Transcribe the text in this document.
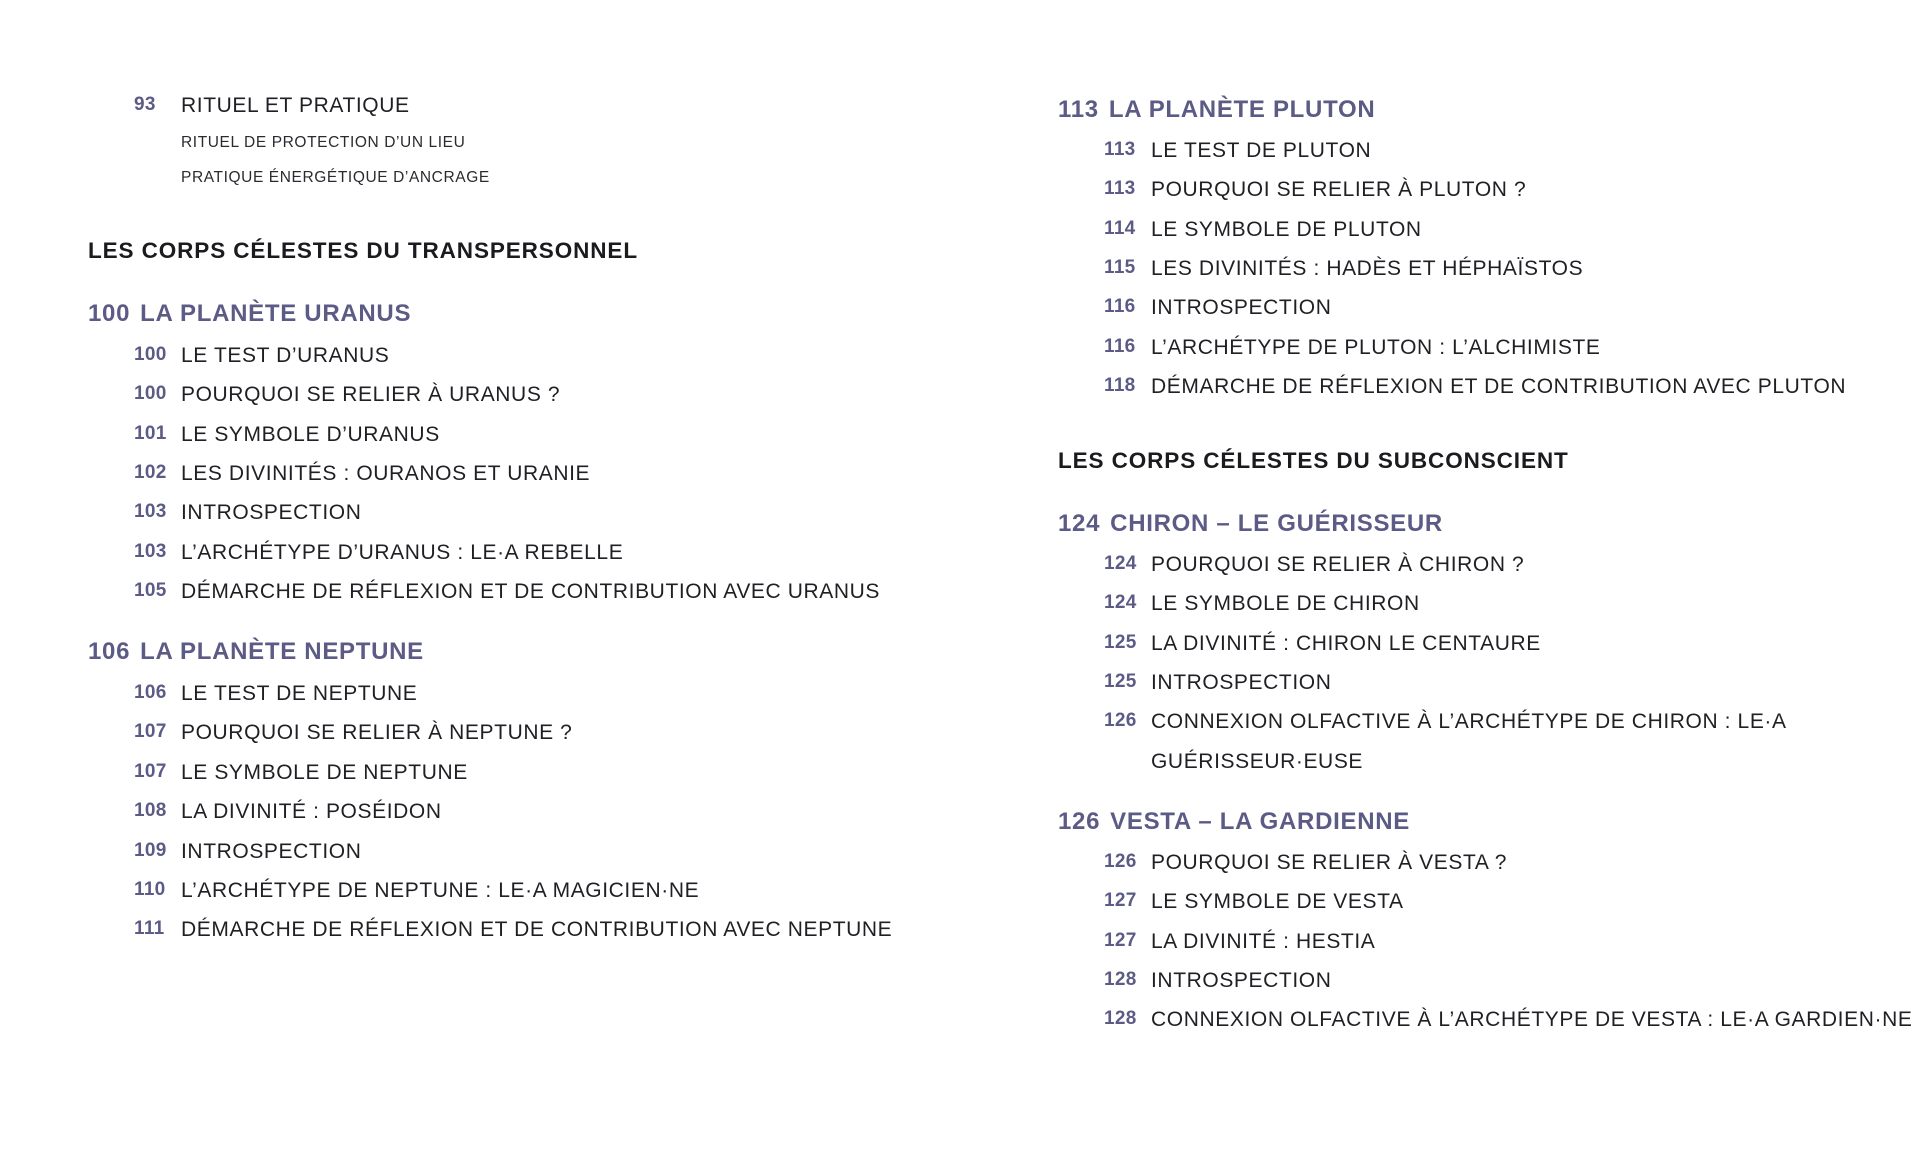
93	RITUEL ET PRATIQUE
RITUEL DE PROTECTION D’UN LIEU
PRATIQUE ÉNERGÉTIQUE D’ANCRAGE
LES CORPS CÉLESTES DU TRANSPERSONNEL
100 LA PLANÈTE URANUS
100 LE TEST D’URANUS
100 POURQUOI SE RELIER À URANUS ?
101 LE SYMBOLE D’URANUS
102 LES DIVINITÉS : OURANOS ET URANIE
103 INTROSPECTION
103 L’ARCHÉTYPE D’URANUS : LE·A REBELLE
105 DÉMARCHE DE RÉFLEXION ET DE CONTRIBUTION AVEC URANUS
106 LA PLANÈTE NEPTUNE
106 LE TEST DE NEPTUNE
107 POURQUOI SE RELIER À NEPTUNE ?
107 LE SYMBOLE DE NEPTUNE
108 LA DIVINITÉ : POSÉIDON
109 INTROSPECTION
110 L’ARCHÉTYPE DE NEPTUNE : LE·A MAGICIEN·NE
111 DÉMARCHE DE RÉFLEXION ET DE CONTRIBUTION AVEC NEPTUNE
113 LA PLANÈTE PLUTON
113 LE TEST DE PLUTON
113 POURQUOI SE RELIER À PLUTON ?
114 LE SYMBOLE DE PLUTON
115 LES DIVINITÉS : HADÈS ET HÉPHAÏSTOS
116 INTROSPECTION
116 L’ARCHÉTYPE DE PLUTON : L’ALCHIMISTE
118 DÉMARCHE DE RÉFLEXION ET DE CONTRIBUTION AVEC PLUTON
LES CORPS CÉLESTES DU SUBCONSCIENT
124 CHIRON – LE GUÉRISSEUR
124 POURQUOI SE RELIER À CHIRON ?
124 LE SYMBOLE DE CHIRON
125 LA DIVINITÉ : CHIRON LE CENTAURE
125 INTROSPECTION
126 CONNEXION OLFACTIVE À L’ARCHÉTYPE DE CHIRON : LE·A
GUÉRISSEUR·EUSE
126 VESTA – LA GARDIENNE
126 POURQUOI SE RELIER À VESTA ?
127 LE SYMBOLE DE VESTA
127 LA DIVINITÉ : HESTIA
128 INTROSPECTION
128 CONNEXION OLFACTIVE À L’ARCHÉTYPE DE VESTA : LE·A GARDIEN·NE
